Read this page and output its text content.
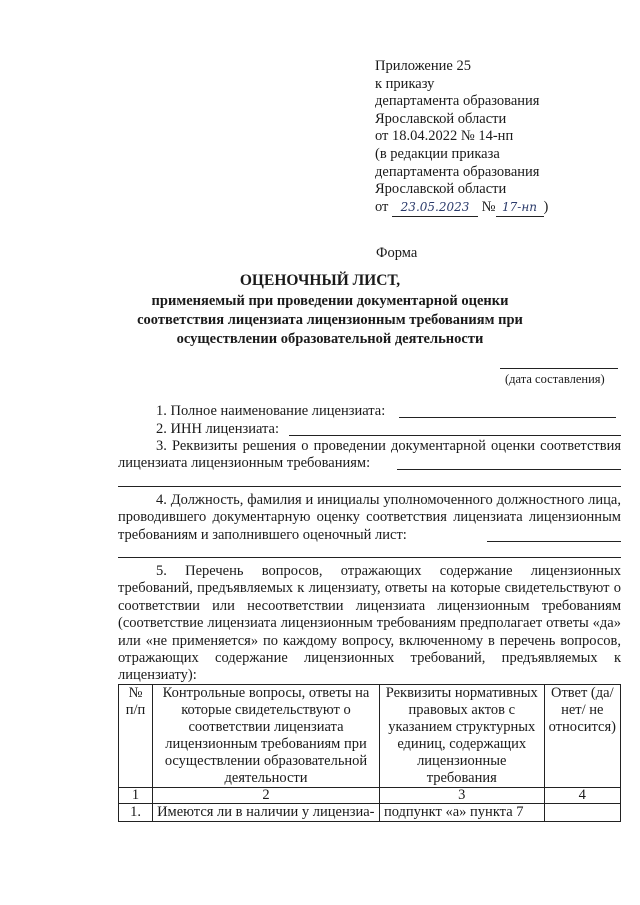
Приложение 25
к приказу
департамента образования
Ярославской области
от 18.04.2022 № 14-нп
(в редакции приказа
департамента образования
Ярославской области
от 23.05.2023 № 17-нп )
Форма
ОЦЕНОЧНЫЙ ЛИСТ,
применяемый при проведении документарной оценки соответствия лицензиата лицензионным требованиям при осуществлении образовательной деятельности
(дата составления)
1. Полное наименование лицензиата:
2. ИНН лицензиата:
3. Реквизиты решения о проведении документарной оценки соответствия лицензиата лицензионным требованиям:
4. Должность, фамилия и инициалы уполномоченного должностного лица, проводившего документарную оценку соответствия лицензиата лицензионным требованиям и заполнившего оценочный лист:
5. Перечень вопросов, отражающих содержание лицензионных требований, предъявляемых к лицензиату, ответы на которые свидетельствуют о соответствии или несоответствии лицензиата лицензионным требованиям (соответствие лицензиата лицензионным требованиям предполагает ответы «да» или «не применяется» по каждому вопросу, включенному в перечень вопросов, отражающих содержание лицензионных требований, предъявляемых к лицензиату):
№ п/п	Контрольные вопросы, ответы на которые свидетельствуют о соответствии лицензиата лицензионным требованиям при осуществлении образовательной деятельности	Реквизиты нормативных правовых актов с указанием структурных единиц, содержащих лицензионные требования	Ответ (да/ нет/ не относится)
1	2	3	4
1.	Имеются ли в наличии у лицензиа-	подпункт «а» пункта 7	
